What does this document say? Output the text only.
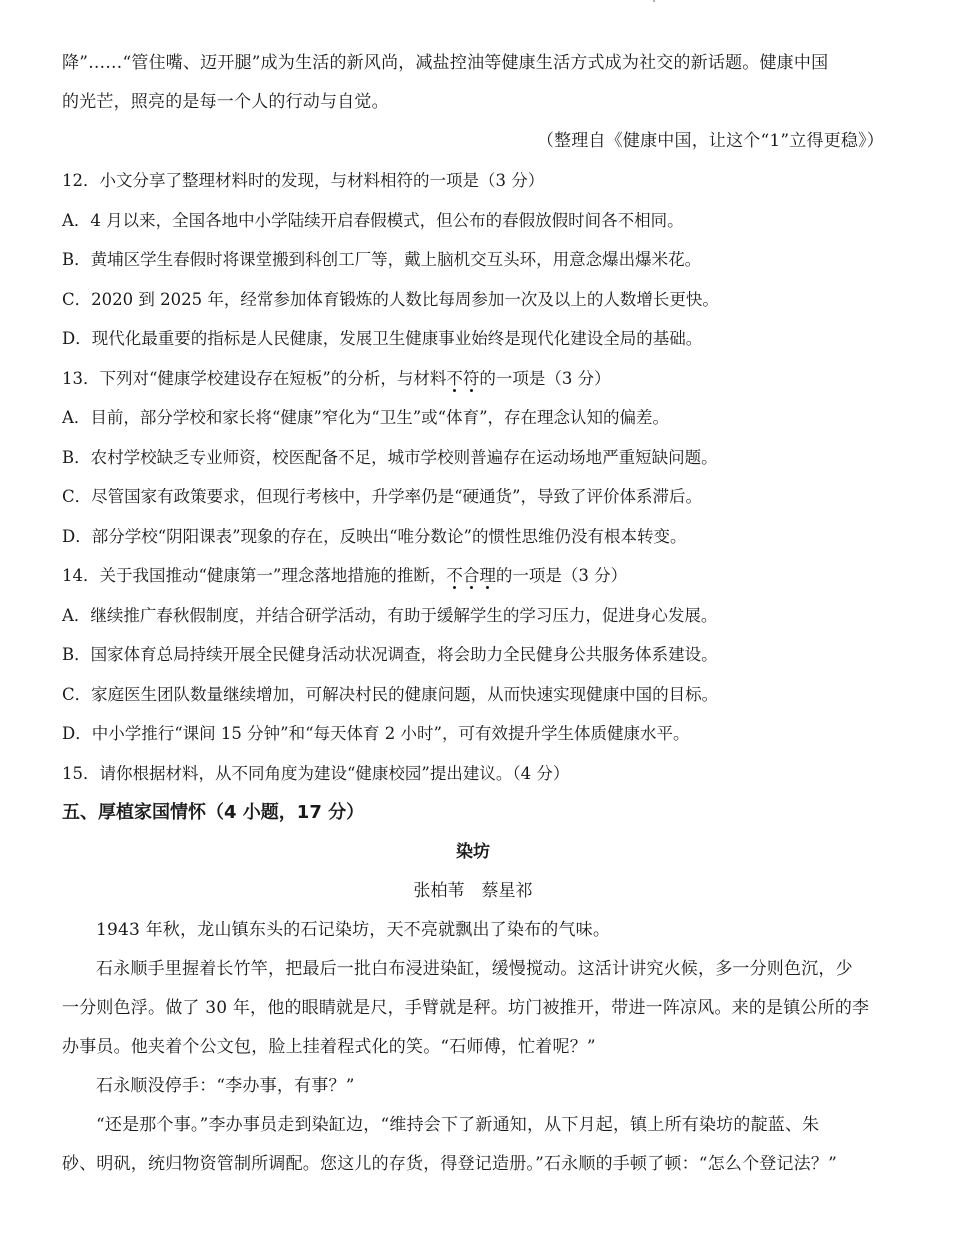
降”……“管住嘴、迈开腿”成为生活的新风尚，减盐控油等健康生活方式成为社交的新话题。健康中国
的光芒，照亮的是每一个人的行动与自觉。
（整理自《健康中国，让这个“1”立得更稳》）
12．小文分享了整理材料时的发现，与材料相符的一项是（3 分）
A．4 月以来，全国各地中小学陆续开启春假模式，但公布的春假放假时间各不相同。
B．黄埔区学生春假时将课堂搬到科创工厂等，戴上脑机交互头环，用意念爆出爆米花。
C．2020 到 2025 年，经常参加体育锻炼的人数比每周参加一次及以上的人数增长更快。
D．现代化最重要的指标是人民健康，发展卫生健康事业始终是现代化建设全局的基础。
13．下列对“健康学校建设存在短板”的分析，与材料不符的一项是（3 分）
A．目前，部分学校和家长将“健康”窄化为“卫生”或“体育”，存在理念认知的偏差。
B．农村学校缺乏专业师资，校医配备不足，城市学校则普遍存在运动场地严重短缺问题。
C．尽管国家有政策要求，但现行考核中，升学率仍是“硬通货”，导致了评价体系滞后。
D．部分学校“阴阳课表”现象的存在，反映出“唯分数论”的惯性思维仍没有根本转变。
14．关于我国推动“健康第一”理念落地措施的推断，不合理的一项是（3 分）
A．继续推广春秋假制度，并结合研学活动，有助于缓解学生的学习压力，促进身心发展。
B．国家体育总局持续开展全民健身活动状况调查，将会助力全民健身公共服务体系建设。
C．家庭医生团队数量继续增加，可解决村民的健康问题，从而快速实现健康中国的目标。
D．中小学推行“课间 15 分钟”和“每天体育 2 小时”，可有效提升学生体质健康水平。
15．请你根据材料，从不同角度为建设“健康校园”提出建议。（4 分）
五、厚植家国情怀（4 小题，17 分）
染坊
张柏苇　蔡星祁
1943 年秋，龙山镇东头的石记染坊，天不亮就飘出了染布的气味。
石永顺手里握着长竹竿，把最后一批白布浸进染缸，缓慢搅动。这活计讲究火候，多一分则色沉，少
一分则色浮。做了 30 年，他的眼睛就是尺，手臂就是秤。坊门被推开，带进一阵凉风。来的是镇公所的李
办事员。他夹着个公文包，脸上挂着程式化的笑。“石师傅，忙着呢？”
石永顺没停手：“李办事，有事？”
“还是那个事。”李办事员走到染缸边，“维持会下了新通知，从下月起，镇上所有染坊的靛蓝、朱
砂、明矾，统归物资管制所调配。您这儿的存货，得登记造册。”石永顺的手顿了顿：“怎么个登记法？”
